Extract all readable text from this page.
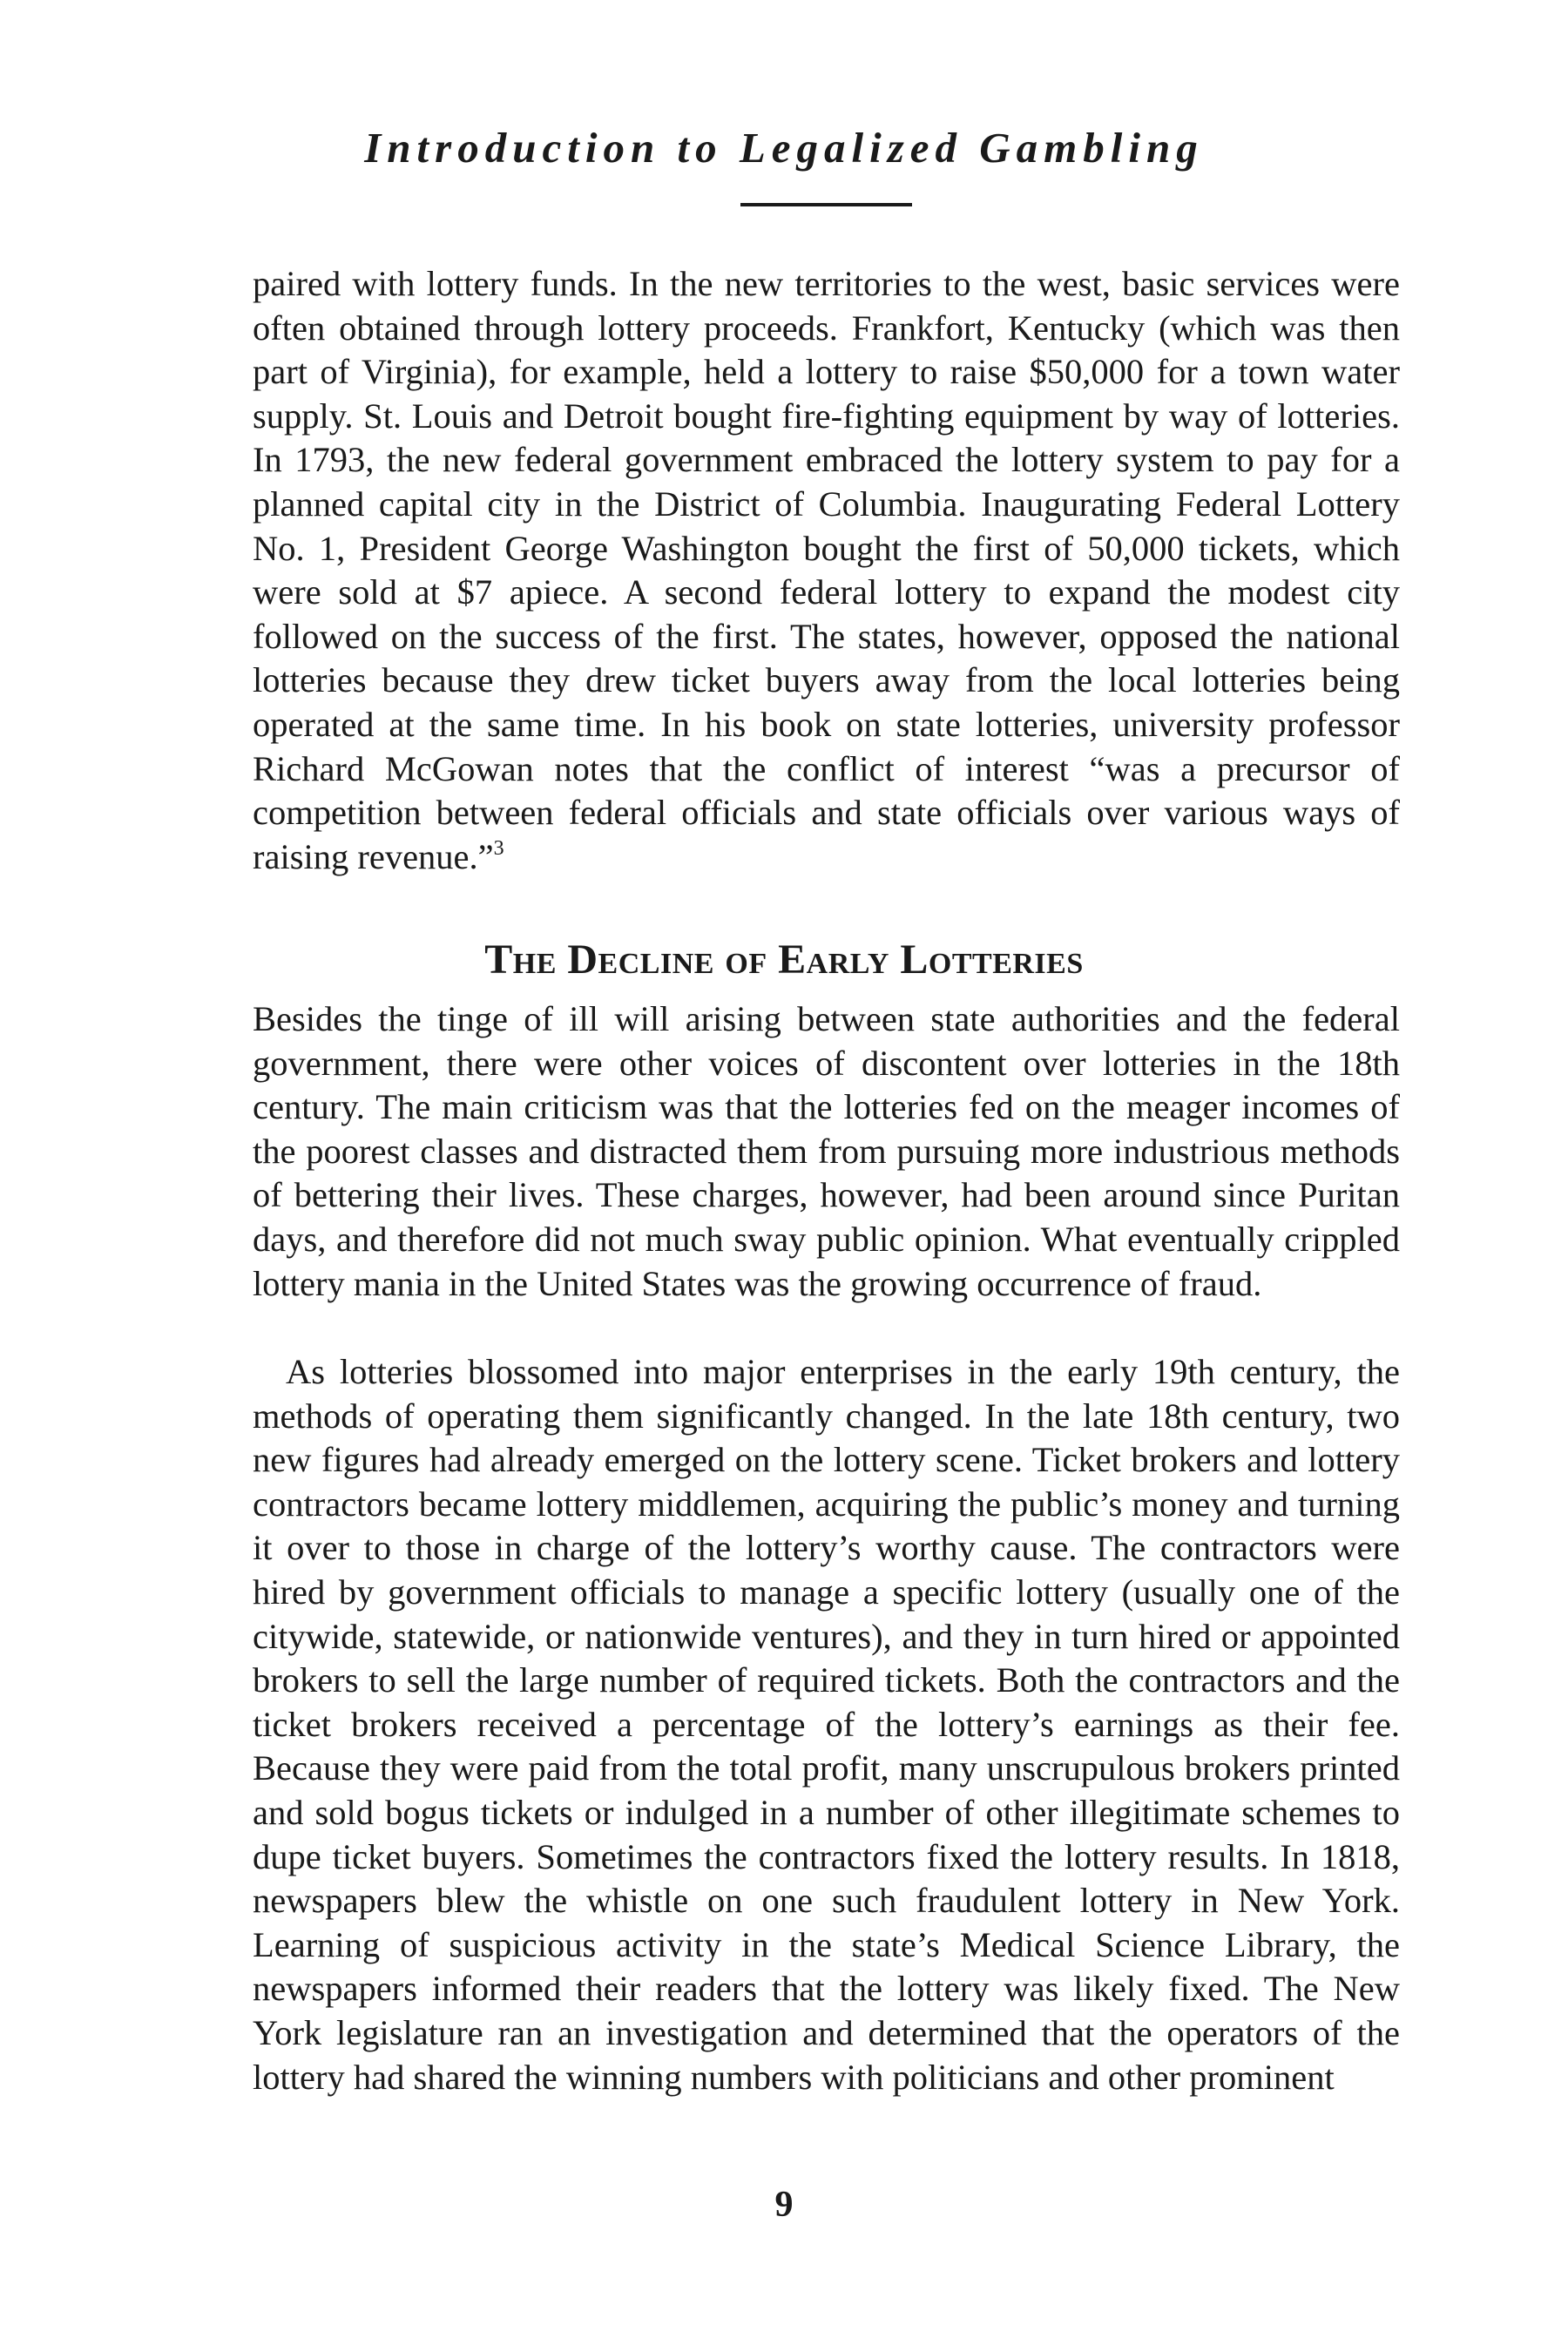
Introduction to Legalized Gambling

paired with lottery funds. In the new territories to the west, basic services were often obtained through lottery proceeds. Frankfort, Kentucky (which was then part of Virginia), for example, held a lottery to raise $50,000 for a town water supply. St. Louis and Detroit bought fire-fighting equipment by way of lotteries. In 1793, the new federal government embraced the lottery system to pay for a planned capital city in the District of Columbia. Inaugurating Federal Lottery No. 1, President George Washington bought the first of 50,000 tickets, which were sold at $7 apiece. A second federal lottery to expand the modest city followed on the success of the first. The states, however, opposed the national lotteries because they drew ticket buyers away from the local lotteries being operated at the same time. In his book on state lotteries, university professor Richard McGowan notes that the conflict of interest “was a precursor of competition between federal officials and state officials over various ways of raising revenue.”$^3$

The Decline of Early Lotteries

Besides the tinge of ill will arising between state authorities and the federal government, there were other voices of discontent over lotteries in the 18th century. The main criticism was that the lotteries fed on the meager incomes of the poorest classes and distracted them from pursuing more industrious methods of bettering their lives. These charges, however, had been around since Puritan days, and therefore did not much sway public opinion. What eventually crippled lottery mania in the United States was the growing occurrence of fraud.

As lotteries blossomed into major enterprises in the early 19th century, the methods of operating them significantly changed. In the late 18th century, two new figures had already emerged on the lottery scene. Ticket brokers and lottery contractors became lottery middlemen, acquiring the public’s money and turning it over to those in charge of the lottery’s worthy cause. The contractors were hired by government officials to manage a specific lottery (usually one of the citywide, statewide, or nationwide ventures), and they in turn hired or appointed brokers to sell the large number of required tickets. Both the contractors and the ticket brokers received a percentage of the lottery’s earnings as their fee. Because they were paid from the total profit, many unscrupulous brokers printed and sold bogus tickets or indulged in a number of other illegitimate schemes to dupe ticket buyers. Sometimes the contractors fixed the lottery results. In 1818, newspapers blew the whistle on one such fraudulent lottery in New York. Learning of suspicious activity in the state’s Medical Science Library, the newspapers informed their readers that the lottery was likely fixed. The New York legislature ran an investigation and determined that the operators of the lottery had shared the winning numbers with politicians and other prominent

9
